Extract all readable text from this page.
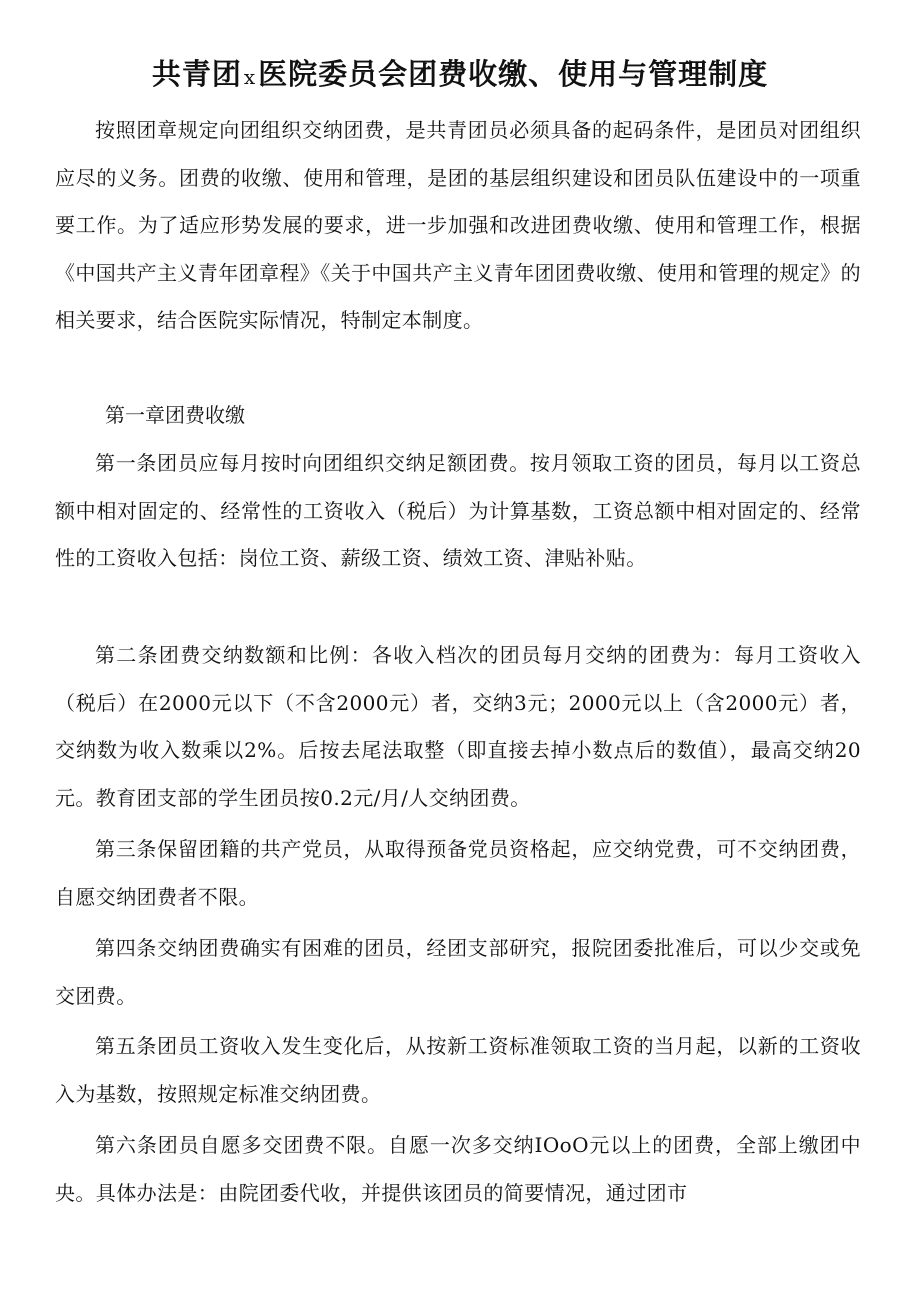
共青团 x医院委员会团费收缴、使用与管理制度

按照团章规定向团组织交纳团费，是共青团员必须具备的起码条件，是团员对团组织应尽的义务。团费的收缴、使用和管理，是团的基层组织建设和团员队伍建设中的一项重要工作。为了适应形势发展的要求，进一步加强和改进团费收缴、使用和管理工作，根据《中国共产主义青年团章程》《关于中国共产主义青年团团费收缴、使用和管理的规定》的相关要求，结合医院实际情况，特制定本制度。

第一章团费收缴

第一条团员应每月按时向团组织交纳足额团费。按月领取工资的团员，每月以工资总额中相对固定的、经常性的工资收入（税后）为计算基数，工资总额中相对固定的、经常性的工资收入包括：岗位工资、薪级工资、绩效工资、津贴补贴。

第二条团费交纳数额和比例：各收入档次的团员每月交纳的团费为：每月工资收入（税后）在2000元以下（不含2000元）者，交纳3元；2000元以上（含2000元）者，交纳数为收入数乘以2%。后按去尾法取整（即直接去掉小数点后的数值），最高交纳20元。教育团支部的学生团员按0.2元/月/人交纳团费。

第三条保留团籍的共产党员，从取得预备党员资格起，应交纳党费，可不交纳团费，自愿交纳团费者不限。

第四条交纳团费确实有困难的团员，经团支部研究，报院团委批准后，可以少交或免交团费。

第五条团员工资收入发生变化后，从按新工资标准领取工资的当月起，以新的工资收入为基数，按照规定标准交纳团费。

第六条团员自愿多交团费不限。自愿一次多交纳IOoO元以上的团费，全部上缴团中央。具体办法是：由院团委代收，并提供该团员的简要情况，通过团市
